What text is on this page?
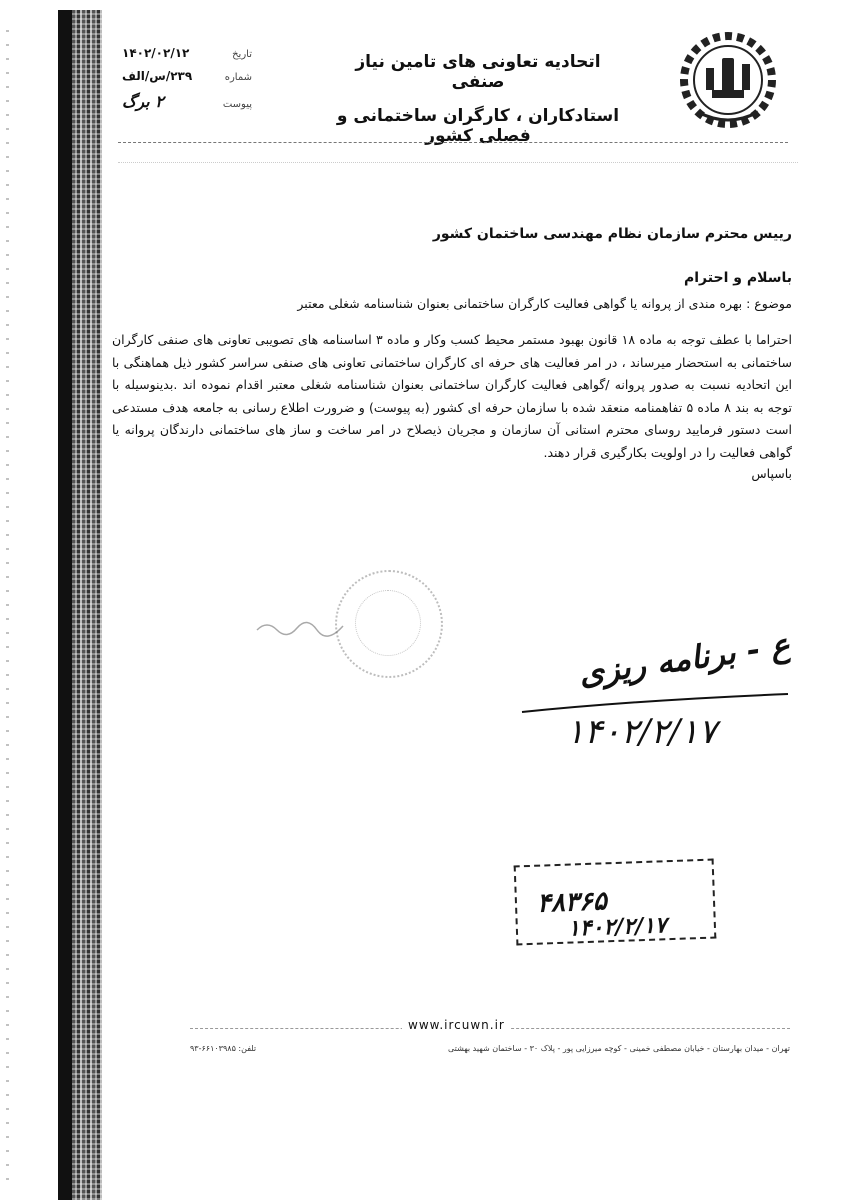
اتحادیه تعاونی های تامین نیاز صنفی
استادکاران ، کارگران ساختمانی و فصلی کشور
تاریخ
۱۴۰۲/۰۲/۱۲
شماره
۲۳۹/س/الف
پیوست
۲ برگ

رییس محترم سازمان نظام مهندسی ساختمان کشور

باسلام و احترام

موضوع : بهره مندی از پروانه یا گواهی فعالیت کارگران ساختمانی بعنوان شناسنامه شغلی معتبر

احتراما با عطف توجه به ماده ۱۸ قانون بهبود مستمر محیط کسب وکار و ماده ۳ اساسنامه های تصویبی تعاونی های صنفی کارگران ساختمانی به استحضار میرساند ، در امر فعالیت های حرفه ای کارگران ساختمانی تعاونی های صنفی سراسر کشور ذیل هماهنگی با این اتحادیه نسبت به صدور پروانه /گواهی فعالیت کارگران ساختمانی بعنوان شناسنامه شغلی معتبر اقدام نموده اند .بدینوسیله با توجه به بند ۸ ماده ۵ تفاهمنامه منعقد شده با سازمان حرفه ای کشور (به پیوست) و ضرورت اطلاع رسانی به جامعه هدف مستدعی است دستور فرمایید روسای محترم استانی آن سازمان و مجریان ذیصلاح در امر ساخت و ساز های ساختمانی دارندگان پروانه یا گواهی فعالیت را در اولویت بکارگیری قرار دهند.

باسپاس
ع - برنامه ریزی
۱۴۰۲/۲/۱۷
۴۸۳۶۵
۱۴۰۲/۲/۱۷
www.ircuwn.ir
تهران - میدان بهارستان - خیابان مصطفی خمینی - کوچه میرزایی پور - پلاک ۳۰ - ساختمان شهید بهشتی
تلفن: ۶۶۱۰۳۹۸۵-۹۳
